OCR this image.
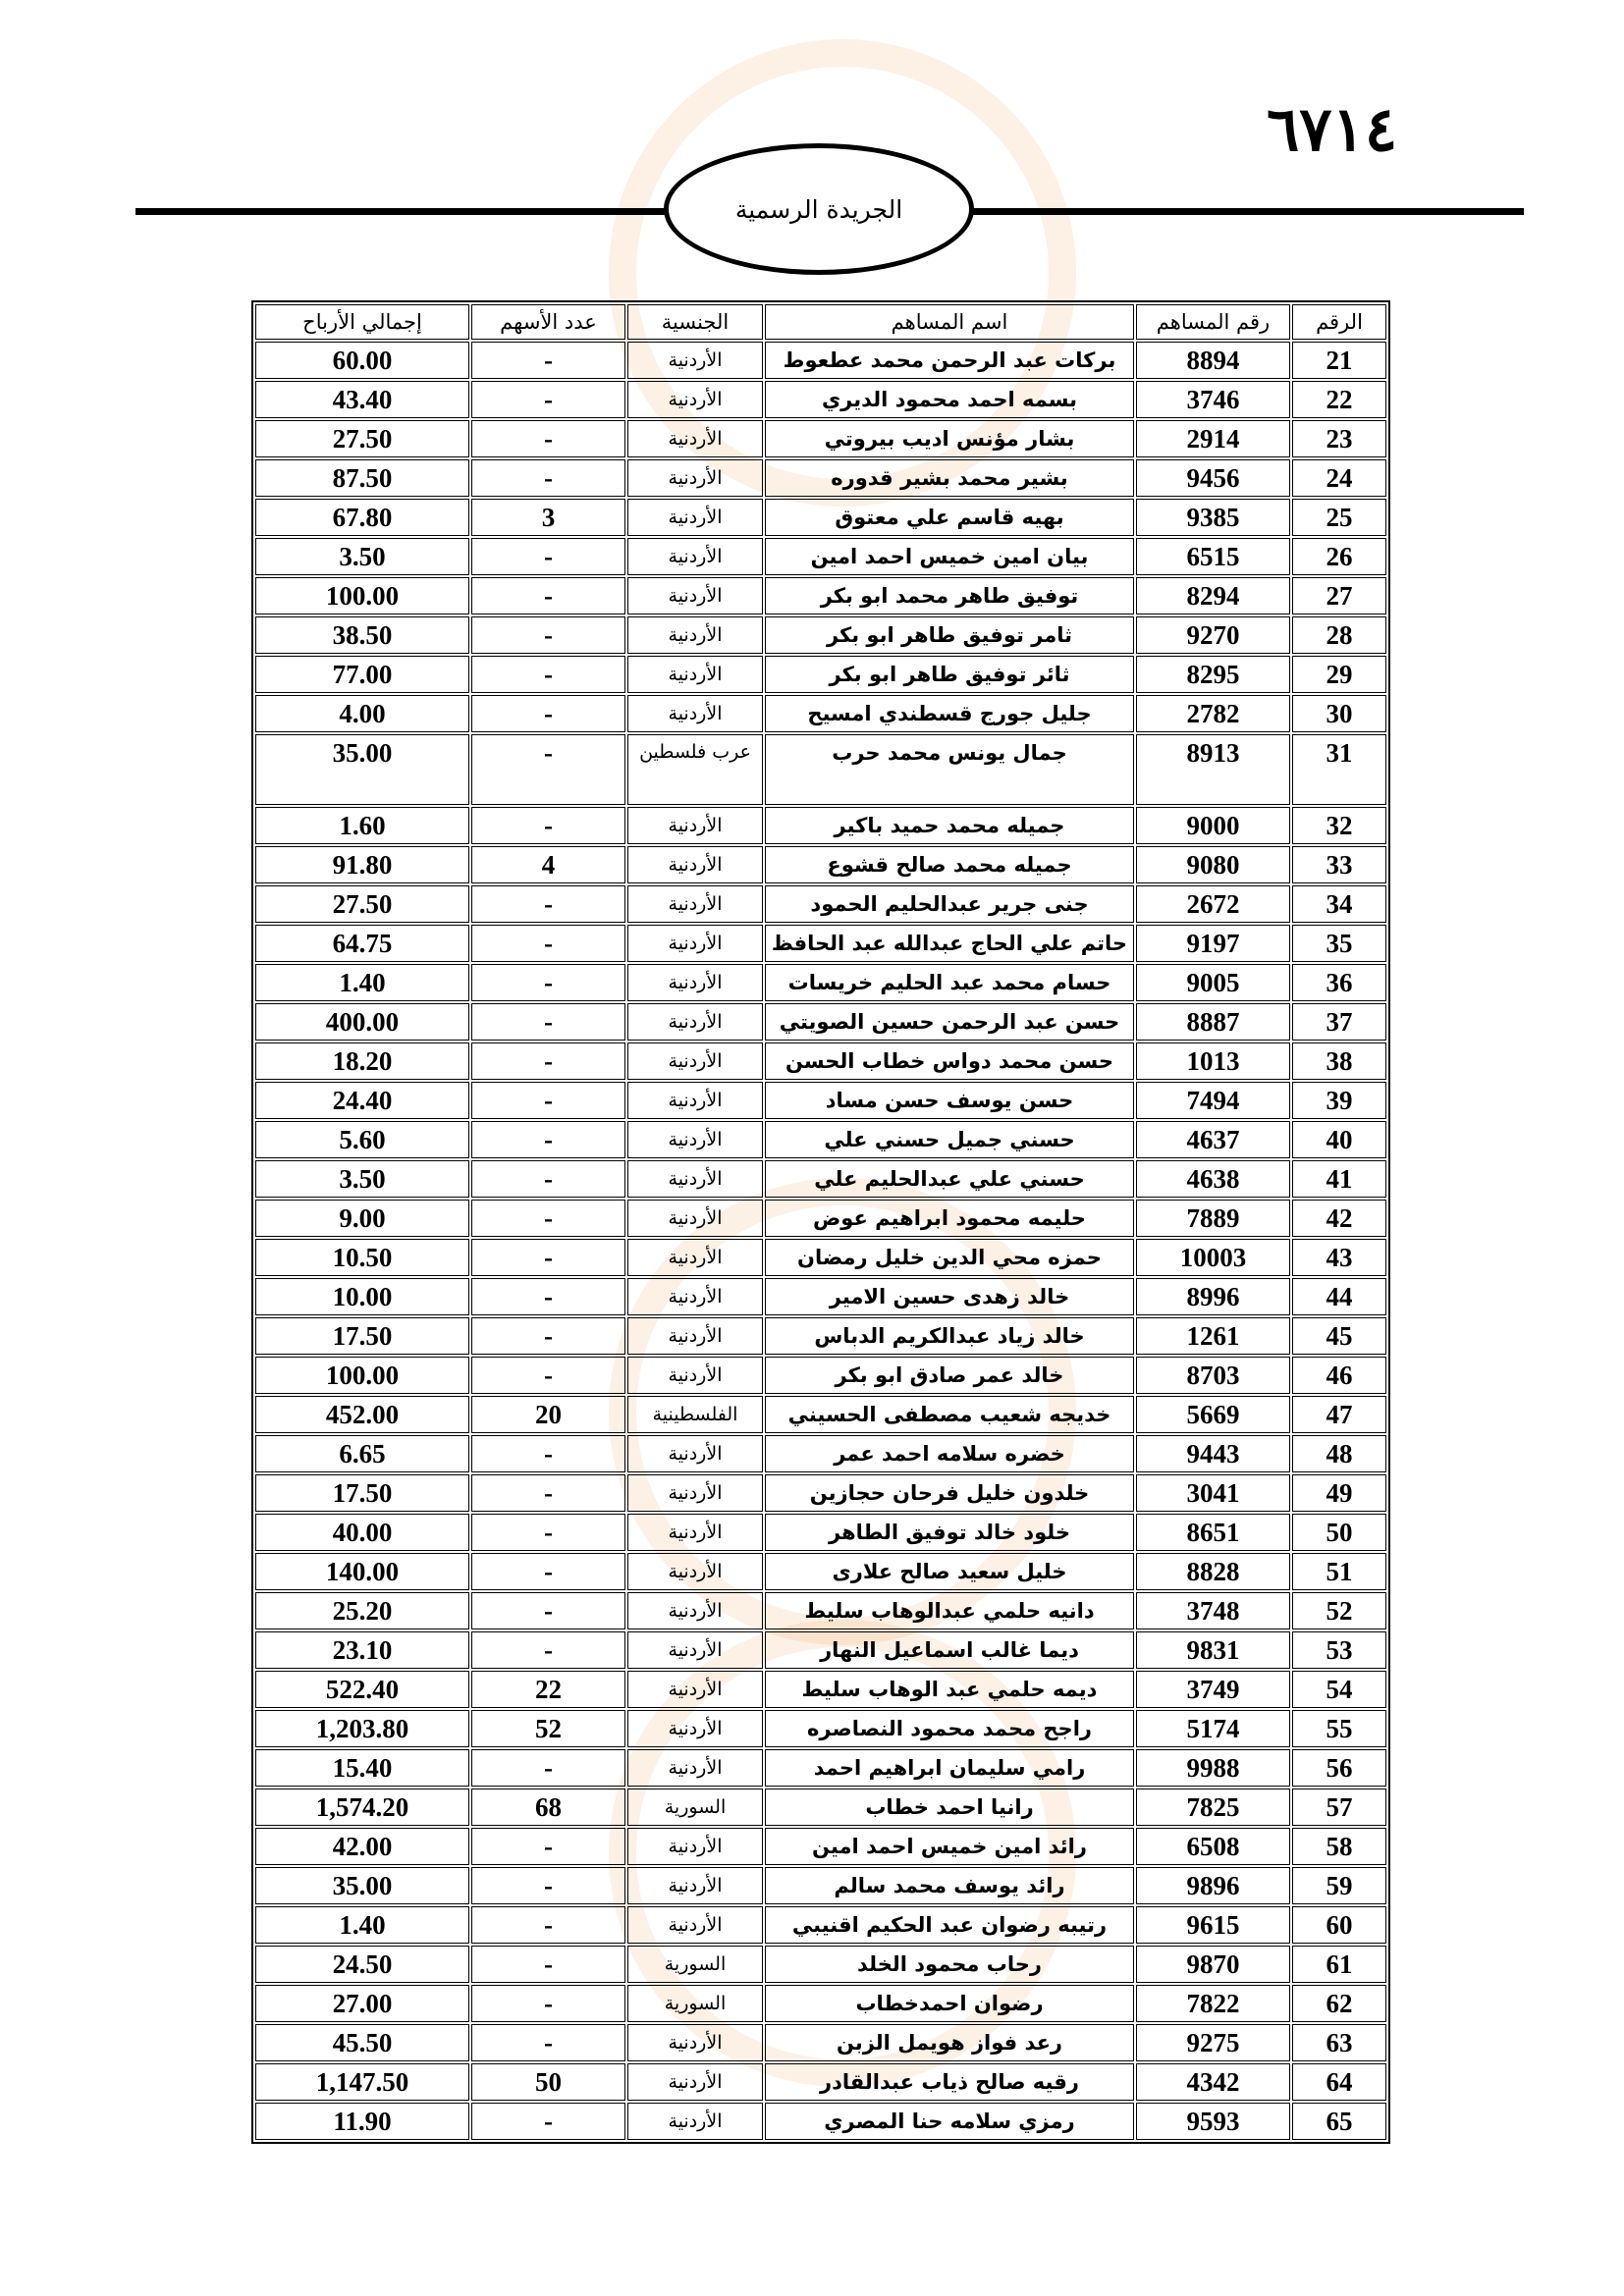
٦٧١٤
الجريدة الرسمية
الرقم	رقم المساهم	اسم المساهم	الجنسية	عدد الأسهم	إجمالي الأرباح
21	8894	بركات عبد الرحمن محمد عطعوط	الأردنية	-	60.00
22	3746	بسمه احمد محمود الديري	الأردنية	-	43.40
23	2914	بشار مؤنس اديب بيروتي	الأردنية	-	27.50
24	9456	بشير محمد بشير قدوره	الأردنية	-	87.50
25	9385	بهيه قاسم علي معتوق	الأردنية	3	67.80
26	6515	بيان امين خميس احمد امين	الأردنية	-	3.50
27	8294	توفيق طاهر محمد ابو بكر	الأردنية	-	100.00
28	9270	ثامر توفيق طاهر ابو بكر	الأردنية	-	38.50
29	8295	ثائر توفيق طاهر ابو بكر	الأردنية	-	77.00
30	2782	جليل جورج قسطندي امسيح	الأردنية	-	4.00
31	8913	جمال يونس محمد حرب	عرب فلسطين	-	35.00
32	9000	جميله محمد حميد باكير	الأردنية	-	1.60
33	9080	جميله محمد صالح قشوع	الأردنية	4	91.80
34	2672	جنى جرير عبدالحليم الحمود	الأردنية	-	27.50
35	9197	حاتم علي الحاج عبدالله عبد الحافظ	الأردنية	-	64.75
36	9005	حسام محمد عبد الحليم خريسات	الأردنية	-	1.40
37	8887	حسن عبد الرحمن حسين الصويتي	الأردنية	-	400.00
38	1013	حسن محمد دواس خطاب الحسن	الأردنية	-	18.20
39	7494	حسن يوسف حسن مساد	الأردنية	-	24.40
40	4637	حسني جميل حسني علي	الأردنية	-	5.60
41	4638	حسني علي عبدالحليم علي	الأردنية	-	3.50
42	7889	حليمه محمود ابراهيم عوض	الأردنية	-	9.00
43	10003	حمزه محي الدين خليل رمضان	الأردنية	-	10.50
44	8996	خالد زهدى حسين الامير	الأردنية	-	10.00
45	1261	خالد زياد عبدالكريم الدباس	الأردنية	-	17.50
46	8703	خالد عمر صادق ابو بكر	الأردنية	-	100.00
47	5669	خديجه شعيب مصطفى الحسيني	الفلسطينية	20	452.00
48	9443	خضره سلامه احمد عمر	الأردنية	-	6.65
49	3041	خلدون خليل فرحان حجازين	الأردنية	-	17.50
50	8651	خلود خالد توفيق الطاهر	الأردنية	-	40.00
51	8828	خليل سعيد صالح علارى	الأردنية	-	140.00
52	3748	دانيه حلمي عبدالوهاب سليط	الأردنية	-	25.20
53	9831	ديما غالب اسماعيل النهار	الأردنية	-	23.10
54	3749	ديمه حلمي عبد الوهاب سليط	الأردنية	22	522.40
55	5174	راجح محمد محمود النصاصره	الأردنية	52	1,203.80
56	9988	رامي سليمان ابراهيم احمد	الأردنية	-	15.40
57	7825	رانيا احمد خطاب	السورية	68	1,574.20
58	6508	رائد امين خميس احمد امين	الأردنية	-	42.00
59	9896	رائد يوسف محمد سالم	الأردنية	-	35.00
60	9615	رتيبه رضوان عبد الحكيم اقنيبي	الأردنية	-	1.40
61	9870	رحاب محمود الخلد	السورية	-	24.50
62	7822	رضوان احمدخطاب	السورية	-	27.00
63	9275	رعد فواز هويمل الزبن	الأردنية	-	45.50
64	4342	رقيه صالح ذياب عبدالقادر	الأردنية	50	1,147.50
65	9593	رمزي سلامه حنا المصري	الأردنية	-	11.90
